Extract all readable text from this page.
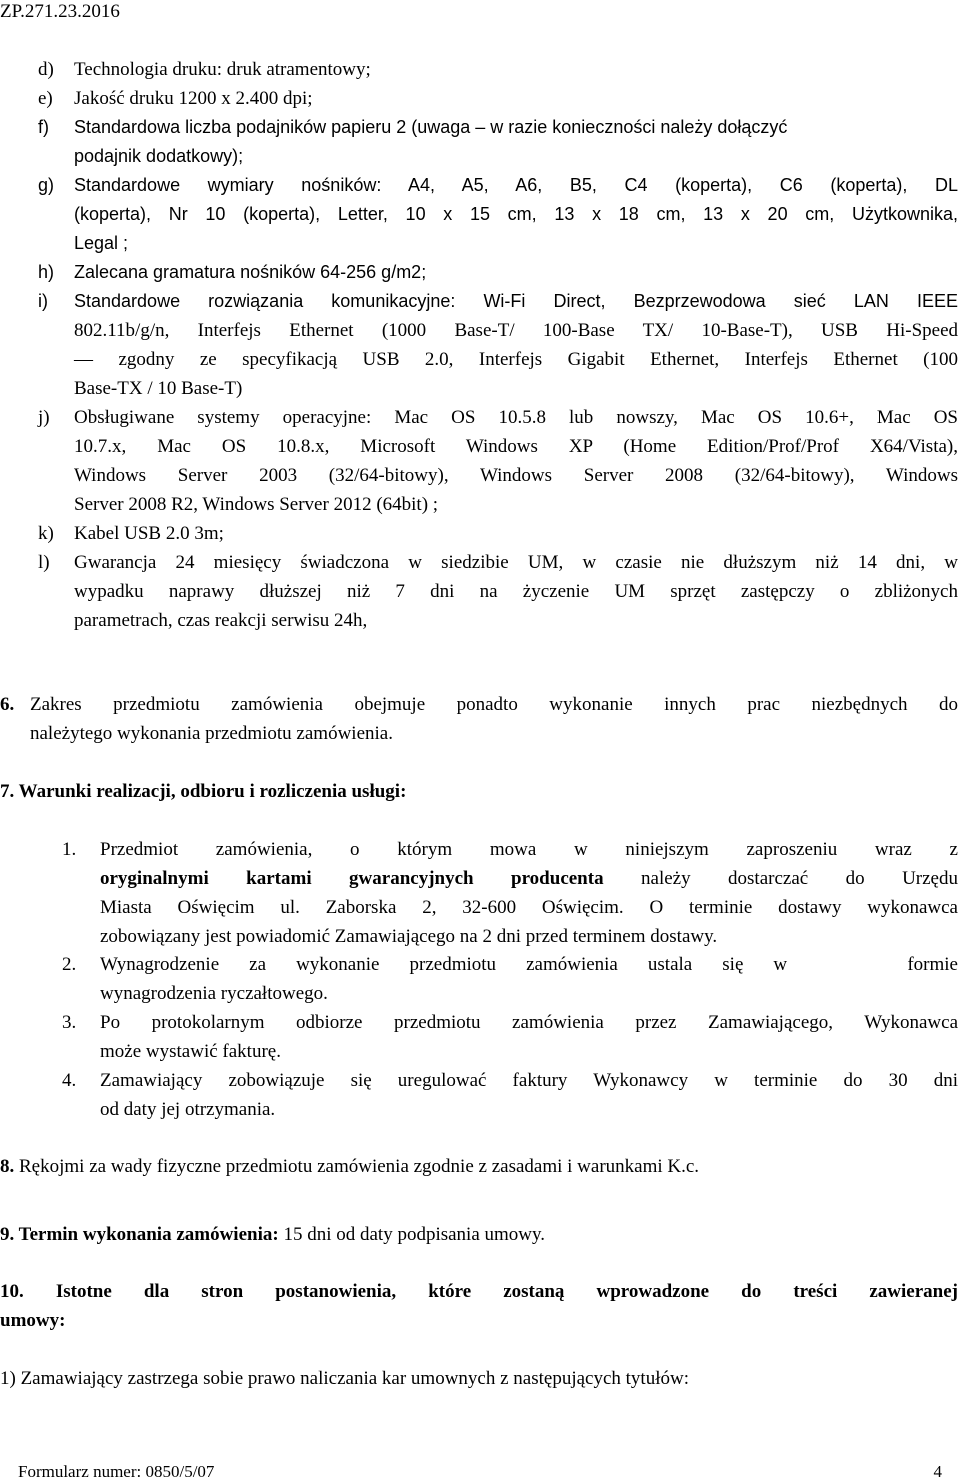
ZP.271.23.2016
d) Technologia druku: druk atramentowy;
e) Jakość druku 1200 x 2.400 dpi;
f) Standardowa liczba podajników papieru 2 (uwaga – w razie konieczności należy dołączyć
podajnik dodatkowy);
g) Standardowe wymiary nośników: A4, A5, A6, B5, C4 (koperta), C6 (koperta), DL
(koperta), Nr 10 (koperta), Letter, 10 x 15 cm, 13 x 18 cm, 13 x 20 cm, Użytkownika,
Legal ;
h) Zalecana gramatura nośników 64-256 g/m2;
i) Standardowe rozwiązania komunikacyjne: Wi-Fi Direct, Bezprzewodowa sieć LAN IEEE
802.11b/g/n, Interfejs Ethernet (1000 Base-T/ 100-Base TX/ 10-Base-T), USB Hi-Speed
— zgodny ze specyfikacją USB 2.0, Interfejs Gigabit Ethernet, Interfejs Ethernet (100
Base-TX / 10 Base-T)
j) Obsługiwane systemy operacyjne: Mac OS 10.5.8 lub nowszy, Mac OS 10.6+, Mac OS
10.7.x, Mac OS 10.8.x, Microsoft Windows XP (Home Edition/Prof/Prof X64/Vista),
Windows Server 2003 (32/64-bitowy), Windows Server 2008 (32/64-bitowy), Windows
Server 2008 R2, Windows Server 2012 (64bit) ;
k) Kabel USB 2.0 3m;
l) Gwarancja 24 miesięcy świadczona w siedzibie UM, w czasie nie dłuższym niż 14 dni, w
wypadku naprawy dłuższej niż 7 dni na życzenie UM sprzęt zastępczy o zbliżonych
parametrach, czas reakcji serwisu 24h,
6. Zakres przedmiotu zamówienia obejmuje ponadto wykonanie innych prac niezbędnych do
należytego wykonania przedmiotu zamówienia.
7. Warunki realizacji, odbioru i rozliczenia usługi:
1. Przedmiot zamówienia, o którym mowa w niniejszym zaproszeniu wraz z
oryginalnymi kartami gwarancyjnych producenta należy dostarczać do Urzędu
Miasta Oświęcim ul. Zaborska 2, 32-600 Oświęcim. O terminie dostawy wykonawca
zobowiązany jest powiadomić Zamawiającego na 2 dni przed terminem dostawy.
2. Wynagrodzenie za wykonanie przedmiotu zamówienia ustala się w    formie
wynagrodzenia ryczałtowego.
3. Po protokolarnym odbiorze przedmiotu zamówienia przez Zamawiającego, Wykonawca
może wystawić fakturę.
4. Zamawiający zobowiązuje się uregulować faktury Wykonawcy w terminie do 30 dni
od daty jej otrzymania.
8. Rękojmi za wady fizyczne przedmiotu zamówienia zgodnie z zasadami i warunkami K.c.
9. Termin wykonania zamówienia: 15 dni od daty podpisania umowy.
10. Istotne dla stron postanowienia, które zostaną wprowadzone do treści zawieranej
umowy:
1) Zamawiający zastrzega sobie prawo naliczania kar umownych z następujących tytułów:
Formularz numer: 0850/5/07	4
